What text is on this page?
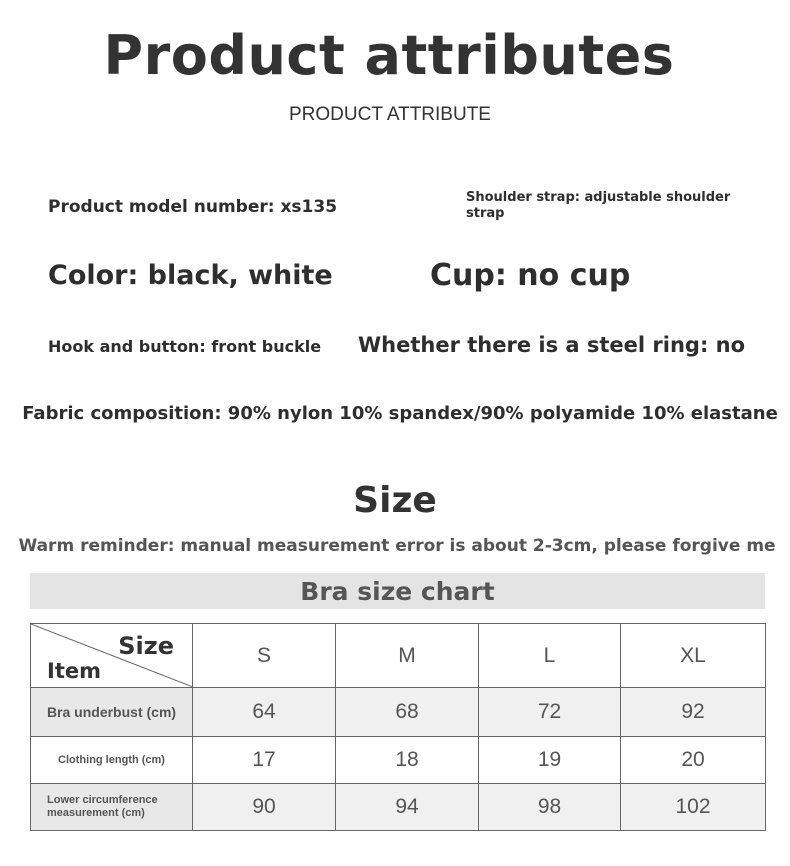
Product attributes
PRODUCT ATTRIBUTE
Product model number: xs135	Shoulder strap: adjustable shoulder strap
Color: black, white	Cup: no cup
Hook and button: front buckle Whether there is a steel ring: no
Fabric composition: 90% nylon 10% spandex/90% polyamide 10% elastane
Size
Warm reminder: manual measurement error is about 2-3cm, please forgive me
Bra size chart
Size
Item	S	M	L	XL
Bra underbust (cm)	64	68	72	92
Clothing length (cm)	17	18	19	20
Lower circumference measurement (cm)	90	94	98	102
